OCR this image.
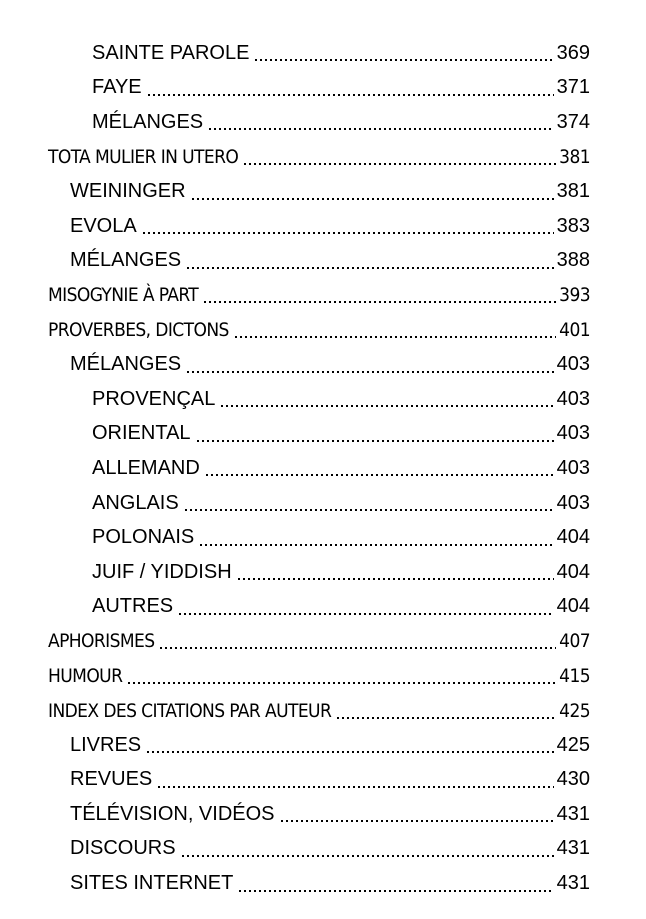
SAINTE PAROLE	369
FAYE	371
MÉLANGES	374
TOTA MULIER IN UTERO	381
WEININGER	381
EVOLA	383
MÉLANGES	388
MISOGYNIE À PART	393
PROVERBES, DICTONS	401
MÉLANGES	403
PROVENÇAL	403
ORIENTAL	403
ALLEMAND	403
ANGLAIS	403
POLONAIS	404
JUIF / YIDDISH	404
AUTRES	404
APHORISMES	407
HUMOUR	415
INDEX DES CITATIONS PAR AUTEUR	425
LIVRES	425
REVUES	430
TÉLÉVISION, VIDÉOS	431
DISCOURS	431
SITES INTERNET	431
